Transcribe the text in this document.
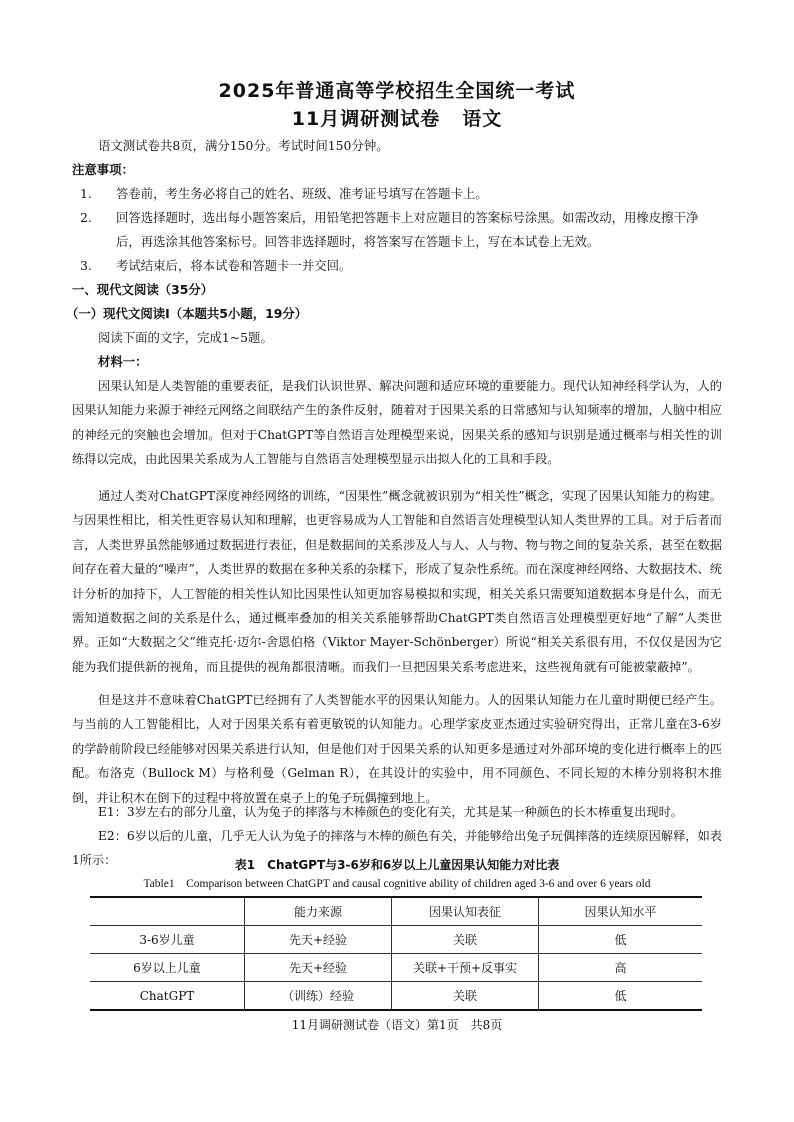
2025年普通高等学校招生全国统一考试
11月调研测试卷 语文
语文测试卷共8页，满分150分。考试时间150分钟。
注意事项：
1. 答卷前，考生务必将自己的姓名、班级、准考证号填写在答题卡上。
2. 回答选择题时，选出每小题答案后，用铅笔把答题卡上对应题目的答案标号涂黑。如需改动，用橡皮擦干净后，再选涂其他答案标号。回答非选择题时，将答案写在答题卡上，写在本试卷上无效。
3. 考试结束后，将本试卷和答题卡一并交回。
一、现代文阅读（35分）
（一）现代文阅读Ⅰ（本题共5小题，19分）
阅读下面的文字，完成1~5题。
材料一：
因果认知是人类智能的重要表征，是我们认识世界、解决问题和适应环境的重要能力。现代认知神经科学认为，人的因果认知能力来源于神经元网络之间联结产生的条件反射，随着对于因果关系的日常感知与认知频率的增加，人脑中相应的神经元的突触也会增加。但对于ChatGPT等自然语言处理模型来说，因果关系的感知与识别是通过概率与相关性的训练得以完成，由此因果关系成为人工智能与自然语言处理模型显示出拟人化的工具和手段。
通过人类对ChatGPT深度神经网络的训练，“因果性”概念就被识别为“相关性”概念，实现了因果认知能力的构建。与因果性相比，相关性更容易认知和理解，也更容易成为人工智能和自然语言处理模型认知人类世界的工具。对于后者而言，人类世界虽然能够通过数据进行表征，但是数据间的关系涉及人与人、人与物、物与物之间的复杂关系，甚至在数据间存在着大量的“噪声”，人类世界的数据在多种关系的杂糅下，形成了复杂性系统。而在深度神经网络、大数据技术、统计分析的加持下，人工智能的相关性认知比因果性认知更加容易模拟和实现，相关关系只需要知道数据本身是什么，而无需知道数据之间的关系是什么，通过概率叠加的相关关系能够帮助ChatGPT类自然语言处理模型更好地“了解”人类世界。正如“大数据之父”维克托·迈尔-舍恩伯格（Viktor Mayer-Schönberger）所说“相关关系很有用，不仅仅是因为它能为我们提供新的视角，而且提供的视角都很清晰。而我们一旦把因果关系考虑进来，这些视角就有可能被蒙蔽掉”。
但是这并不意味着ChatGPT已经拥有了人类智能水平的因果认知能力。人的因果认知能力在儿童时期便已经产生。与当前的人工智能相比，人对于因果关系有着更敏锐的认知能力。心理学家皮亚杰通过实验研究得出，正常儿童在3-6岁的学龄前阶段已经能够对因果关系进行认知，但是他们对于因果关系的认知更多是通过对外部环境的变化进行概率上的匹配。布洛克（Bullock M）与格利曼（Gelman R），在其设计的实验中，用不同颜色、不同长短的木棒分别将积木推倒，并让积木在倒下的过程中将放置在桌子上的兔子玩偶撞到地上。
E1：3岁左右的部分儿童，认为兔子的摔落与木棒颜色的变化有关，尤其是某一种颜色的长木棒重复出现时。
E2：6岁以后的儿童，几乎无人认为兔子的摔落与木棒的颜色有关，并能够给出兔子玩偶摔落的连续原因解释，如表1所示：	表1　ChatGPT与3-6岁和6岁以上儿童因果认知能力对比表
Table1　Comparison between ChatGPT and causal cognitive ability of children aged 3-6 and over 6 years old
	能力来源	因果认知表征	因果认知水平
3-6岁儿童	先天+经验	关联	低
6岁以上儿童	先天+经验	关联+干预+反事实	高
ChatGPT	（训练）经验	关联	低
11月调研测试卷（语文）第1页　共8页
